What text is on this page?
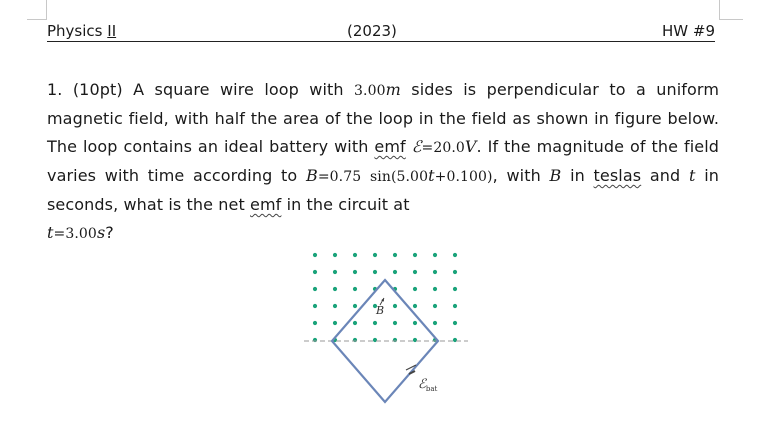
Physics II	(2023)	HW #9
1. (10pt) A square wire loop with 3.00m sides is perpendicular to a uniform magnetic field, with half the area of the loop in the field as shown in figure below. The loop contains an ideal battery with emf ℰ=20.0V. If the magnitude of the field varies with time according to B=0.75 sin(5.00t+0.100), with B in teslas and t in seconds, what is the net emf in the circuit at
t=3.00s?
B
ℰ$_{bat}$
